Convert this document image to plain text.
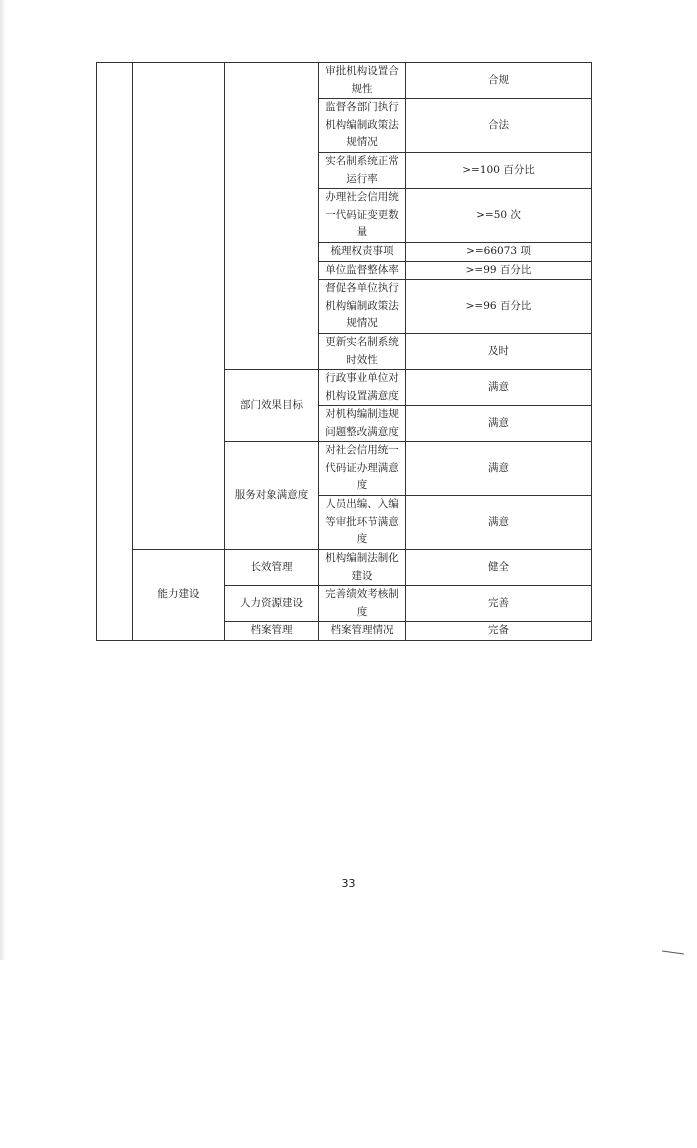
			审批机构设置合规性	合规
			监督各部门执行机构编制政策法规情况	合法
			实名制系统正常运行率	>=100 百分比
			办理社会信用统一代码证变更数量	>=50 次
			梳理权责事项	>=66073 项
			单位监督整体率	>=99 百分比
			督促各单位执行机构编制政策法规情况	>=96 百分比
			更新实名制系统时效性	及时
		部门效果目标	行政事业单位对机构设置满意度	满意
			对机构编制违规问题整改满意度	满意
		服务对象满意度	对社会信用统一代码证办理满意度	满意
			人员出编、入编等审批环节满意度	满意
	能力建设	长效管理	机构编制法制化建设	健全
		人力资源建设	完善绩效考核制度	完善
		档案管理	档案管理情况	完备
33
